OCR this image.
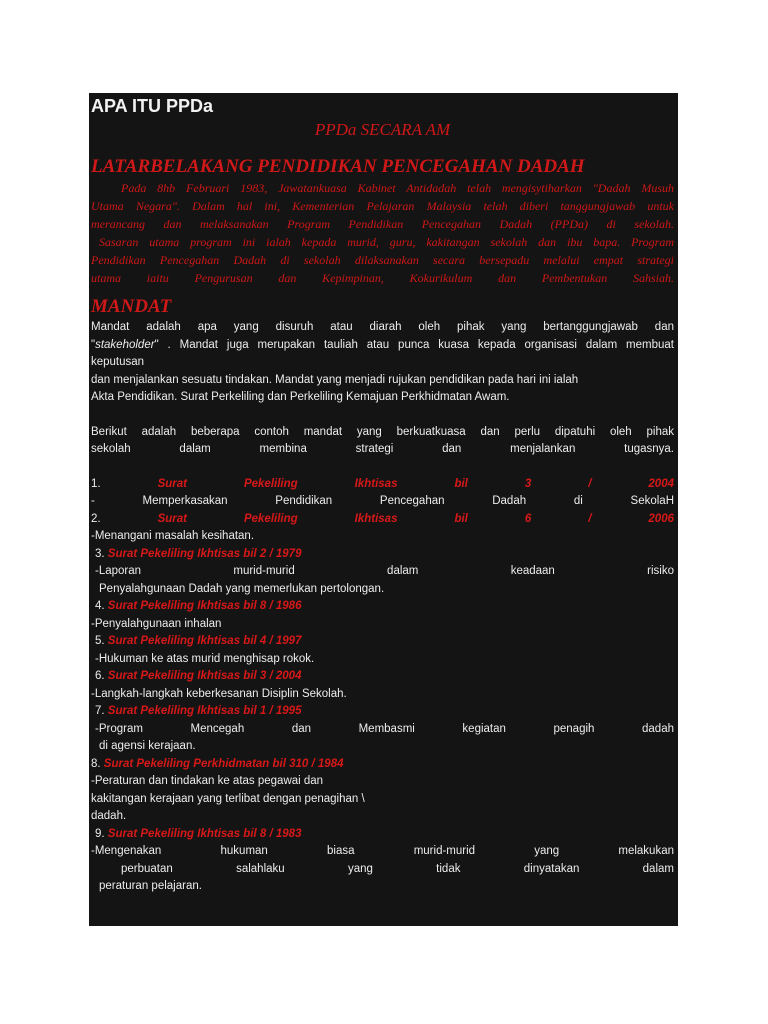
APA ITU PPDa
PPDa SECARA AM
LATARBELAKANG PENDIDIKAN PENCEGAHAN DADAH

Pada 8hb Februari 1983, Jawatankuasa Kabinet Antidadah telah mengisytiharkan "Dadah Musuh

Utama Negara". Dalam hal ini, Kementerian Pelajaran Malaysia telah diberi tanggungjawab untuk

merancang dan melaksanakan Program Pendidikan Pencegahan Dadah (PPDa) di sekolah.

Sasaran utama program ini ialah kepada murid, guru, kakitangan sekolah dan ibu bapa. Program

Pendidikan Pencegahan Dadah di sekolah dilaksanakan secara bersepadu melalui empat strategi

utama iaitu Pengurusan dan Kepimpinan, Kokurikulum dan Pembentukan Sahsiah.

MANDAT

Mandat adalah apa yang disuruh atau diarah oleh pihak yang bertanggungjawab dan

"stakeholder" . Mandat juga merupakan tauliah atau punca kuasa kepada organisasi dalam membuat

keputusan

dan menjalankan sesuatu tindakan. Mandat yang menjadi rujukan pendidikan pada hari ini ialah

Akta Pendidikan. Surat Perkeliling dan Perkeliling Kemajuan Perkhidmatan Awam.

Berikut adalah beberapa contoh mandat yang berkuatkuasa dan perlu dipatuhi oleh pihak

sekolah dalam membina strategi dan menjalankan tugasnya.

1. Surat Pekeliling Ikhtisas bil 3 / 2004

- Memperkasakan Pendidikan Pencegahan Dadah di SekolaH

2. Surat Pekeliling Ikhtisas bil 6 / 2006

-Menangani masalah kesihatan.

3. Surat Pekeliling Ikhtisas bil 2 / 1979

-Laporan murid-murid dalam keadaan risiko

Penyalahgunaan Dadah yang memerlukan pertolongan.

4. Surat Pekeliling Ikhtisas bil 8 / 1986

-Penyalahgunaan inhalan

5. Surat Pekeliling Ikhtisas bil 4 / 1997

-Hukuman ke atas murid menghisap rokok.

6. Surat Pekeliling Ikhtisas bil 3 / 2004

-Langkah-langkah keberkesanan Disiplin Sekolah.

7. Surat Pekeliling Ikhtisas bil 1 / 1995

-Program Mencegah dan Membasmi kegiatan penagih dadah

di agensi kerajaan.

8. Surat Pekeliling Perkhidmatan bil 310 / 1984

-Peraturan dan tindakan ke atas pegawai dan

kakitangan kerajaan yang terlibat dengan penagihan \

dadah.

9. Surat Pekeliling Ikhtisas bil 8 / 1983

-Mengenakan hukuman biasa murid-murid yang melakukan

perbuatan salahlaku yang tidak dinyatakan dalam

peraturan pelajaran.
